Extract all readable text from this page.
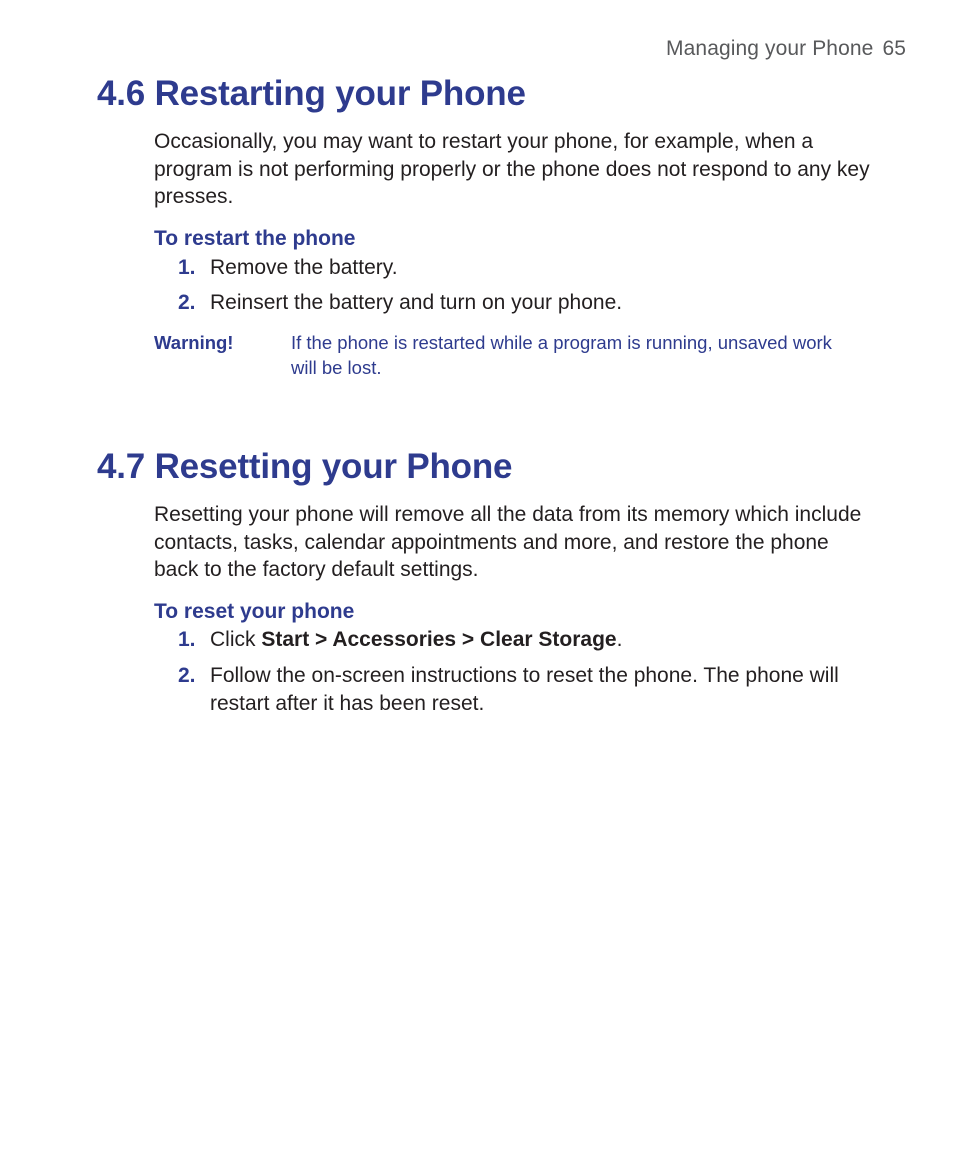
Managing your Phone 65
4.6 Restarting your Phone

Occasionally, you may want to restart your phone, for example, when a program is not performing properly or the phone does not respond to any key presses.

To restart the phone

1. Remove the battery.
2. Reinsert the battery and turn on your phone.
Warning!	If the phone is restarted while a program is running, unsaved work will be lost.
4.7 Resetting your Phone

Resetting your phone will remove all the data from its memory which include contacts, tasks, calendar appointments and more, and restore the phone back to the factory default settings.

To reset your phone

1. Click Start > Accessories > Clear Storage.
2. Follow the on-screen instructions to reset the phone. The phone will restart after it has been reset.
